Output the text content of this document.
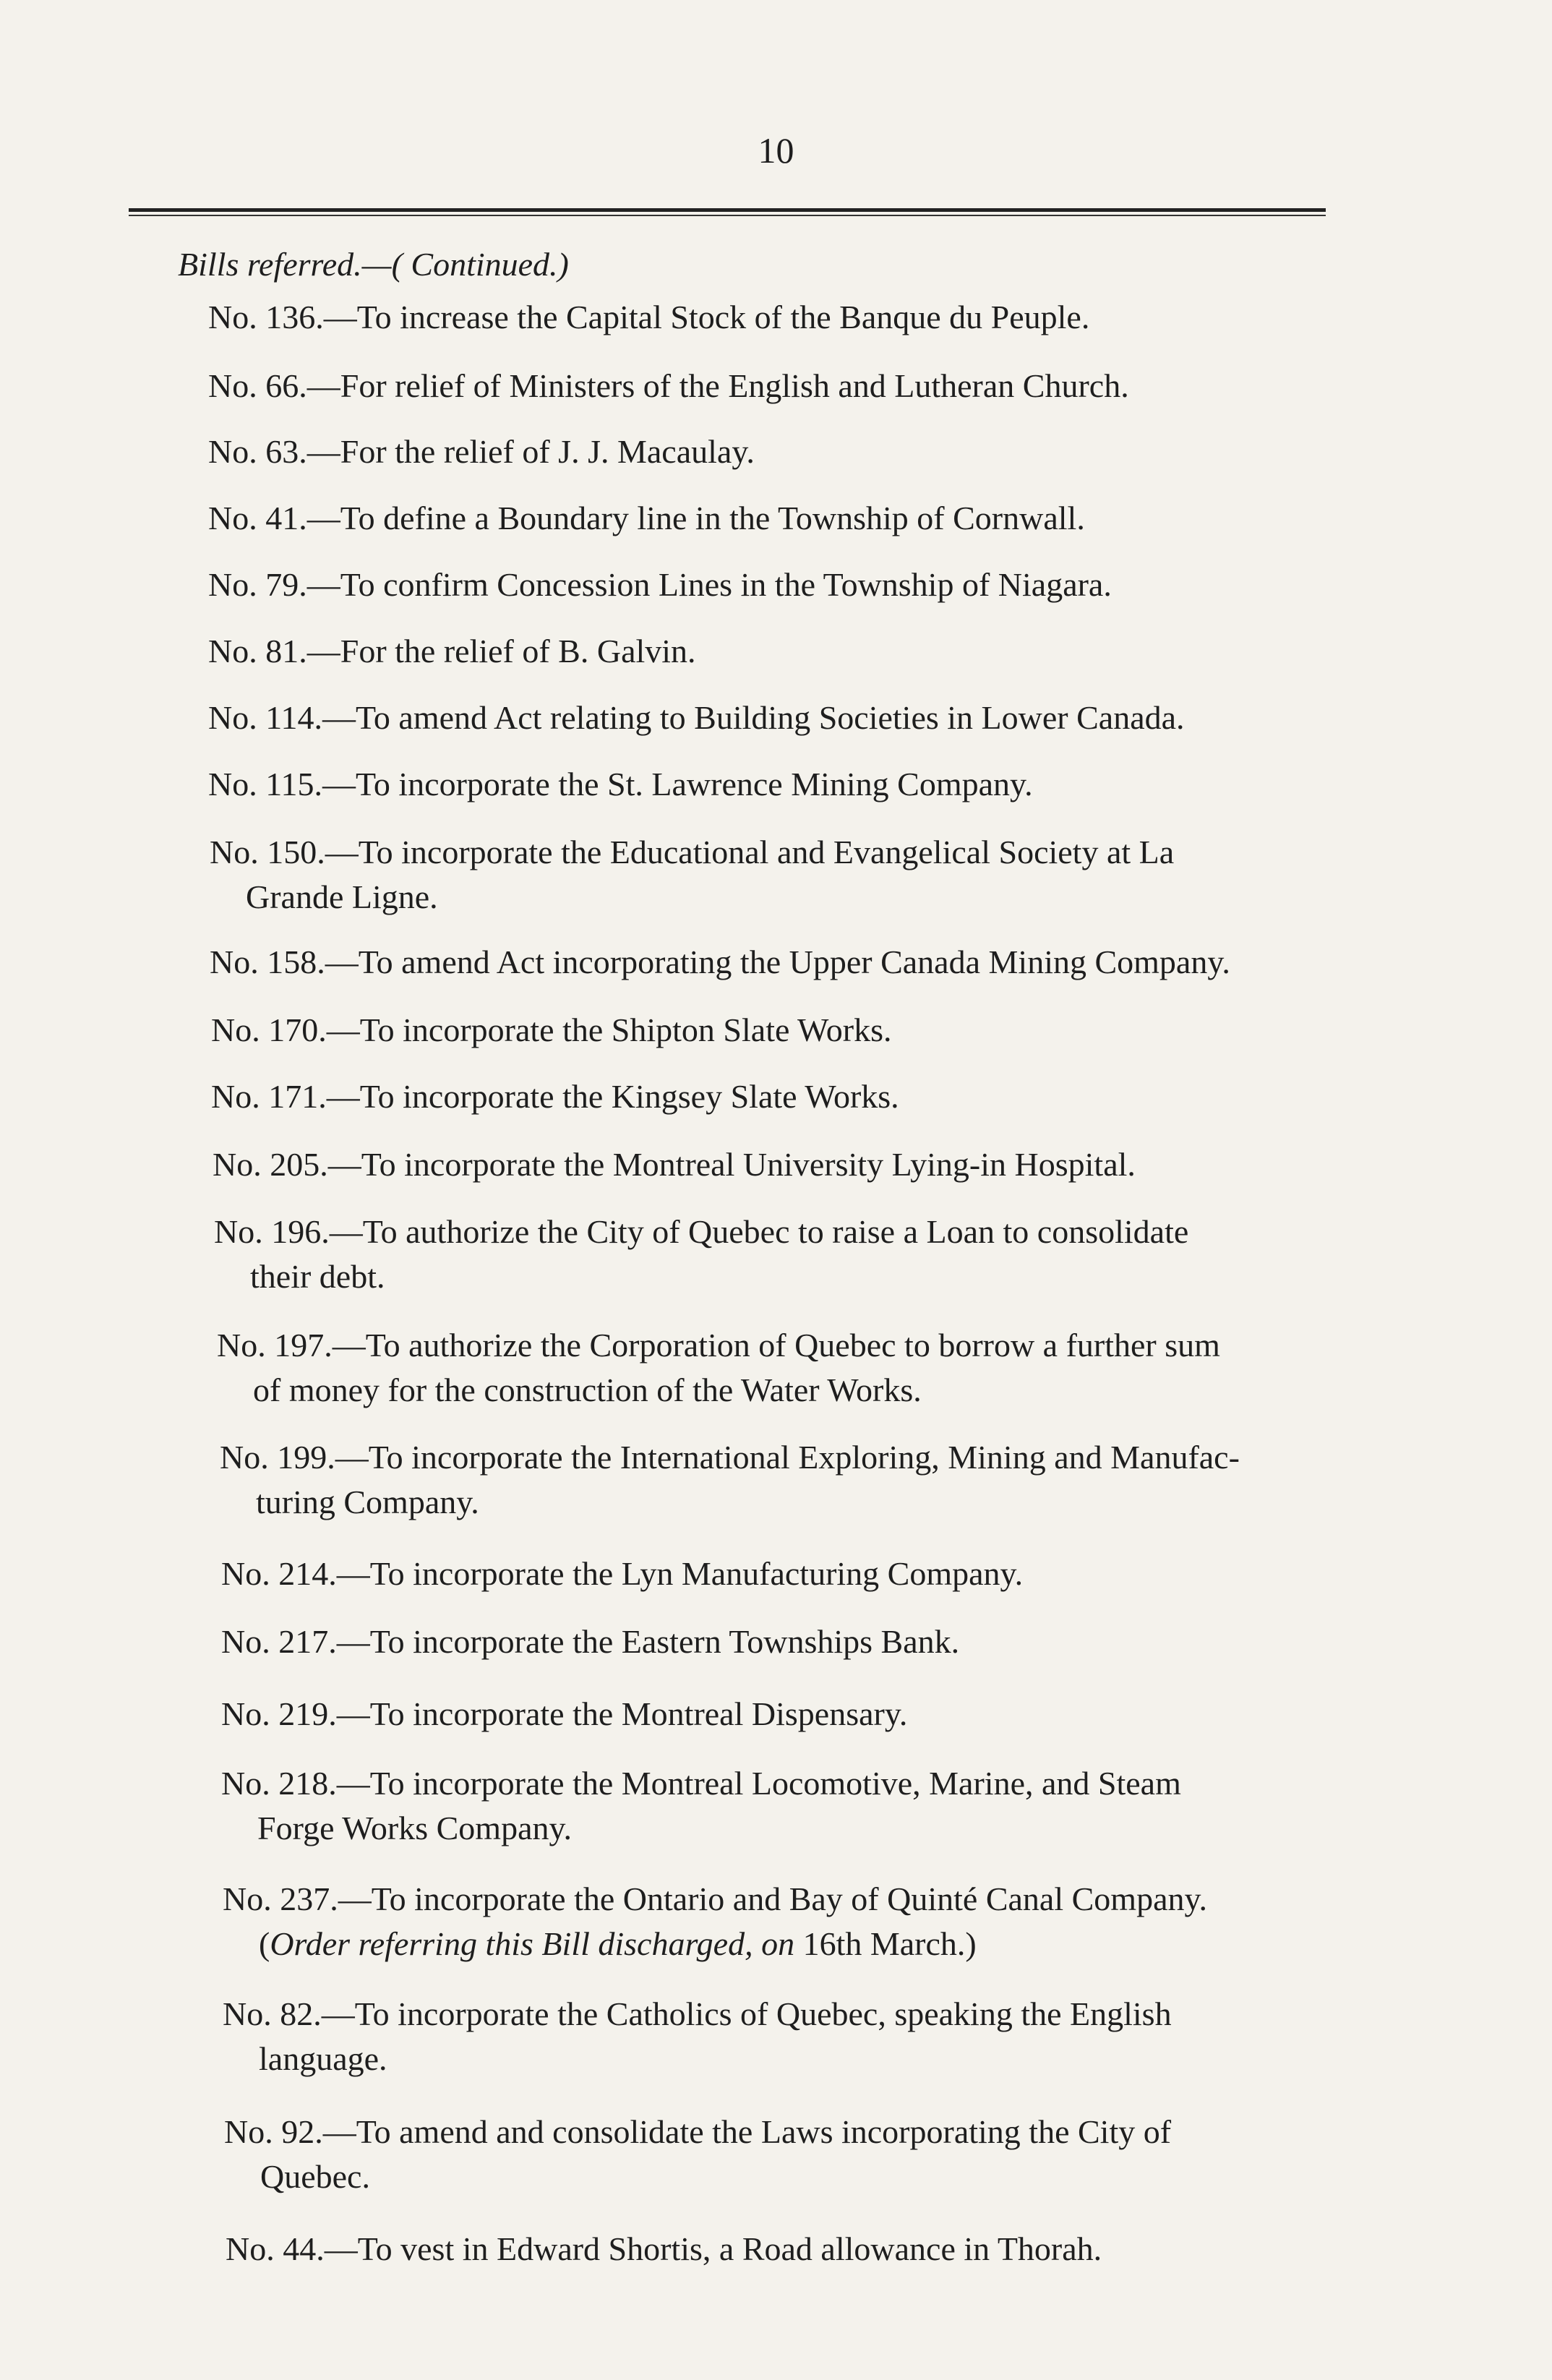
10
Bills referred.—( Continued.)
No. 136.—To increase the Capital Stock of the Banque du Peuple.
No. 66.—For relief of Ministers of the English and Lutheran Church.
No. 63.—For the relief of J. J. Macaulay.
No. 41.—To define a Boundary line in the Township of Cornwall.
No. 79.—To confirm Concession Lines in the Township of Niagara.
No. 81.—For the relief of B. Galvin.
No. 114.—To amend Act relating to Building Societies in Lower Canada.
No. 115.—To incorporate the St. Lawrence Mining Company.
No. 150.—To incorporate the Educational and Evangelical Society at La
Grande Ligne.
No. 158.—To amend Act incorporating the Upper Canada Mining Company.
No. 170.—To incorporate the Shipton Slate Works.
No. 171.—To incorporate the Kingsey Slate Works.
No. 205.—To incorporate the Montreal University Lying-in Hospital.
No. 196.—To authorize the City of Quebec to raise a Loan to consolidate
their debt.
No. 197.—To authorize the Corporation of Quebec to borrow a further sum
of money for the construction of the Water Works.
No. 199.—To incorporate the International Exploring, Mining and Manufac-
turing Company.
No. 214.—To incorporate the Lyn Manufacturing Company.
No. 217.—To incorporate the Eastern Townships Bank.
No. 219.—To incorporate the Montreal Dispensary.
No. 218.—To incorporate the Montreal Locomotive, Marine, and Steam
Forge Works Company.
No. 237.—To incorporate the Ontario and Bay of Quinté Canal Company.
(Order referring this Bill discharged, on 16th March.)
No. 82.—To incorporate the Catholics of Quebec, speaking the English
language.
No. 92.—To amend and consolidate the Laws incorporating the City of
Quebec.
No. 44.—To vest in Edward Shortis, a Road allowance in Thorah.
